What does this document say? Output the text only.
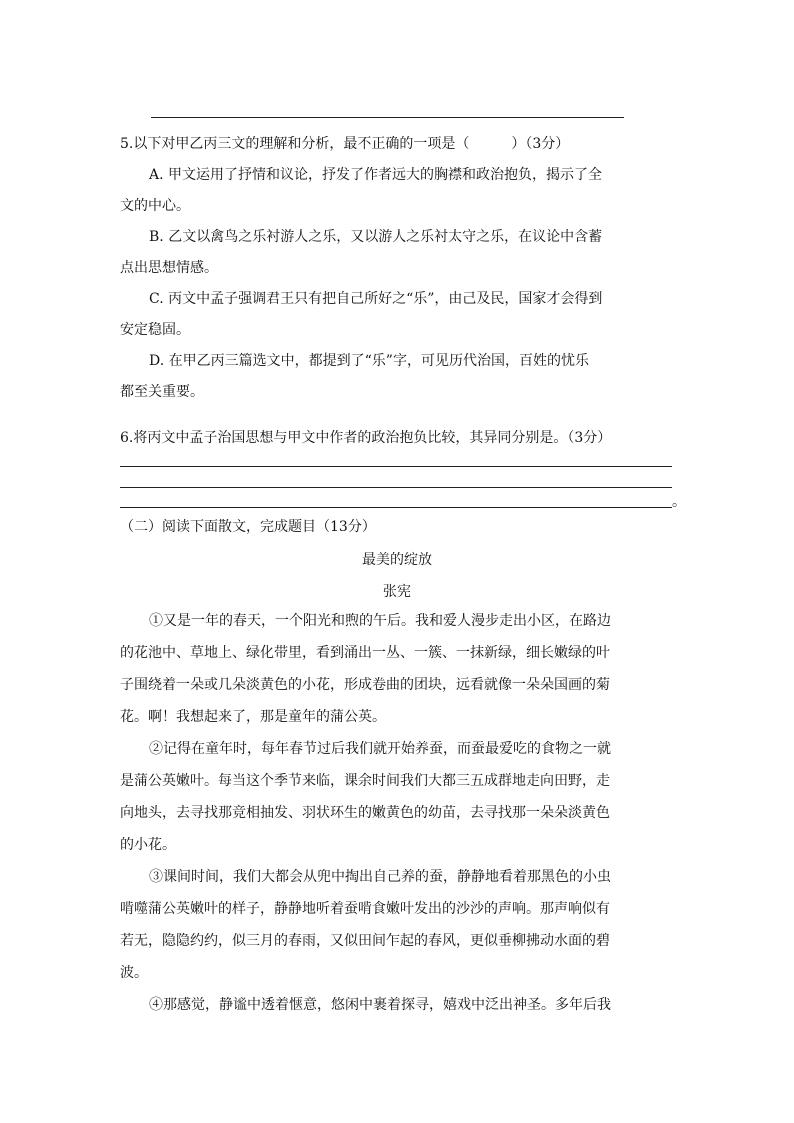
5.以下对甲乙丙三文的理解和分析，最不正确的一项是（　　　）（3分）
A. 甲文运用了抒情和议论，抒发了作者远大的胸襟和政治抱负，揭示了全
文的中心。
B. 乙文以禽鸟之乐衬游人之乐，又以游人之乐衬太守之乐，在议论中含蓄
点出思想情感。
C. 丙文中孟子强调君王只有把自己所好之“乐”，由己及民，国家才会得到
安定稳固。
D. 在甲乙丙三篇选文中，都提到了“乐”字，可见历代治国，百姓的忧乐
都至关重要。
6.将丙文中孟子治国思想与甲文中作者的政治抱负比较，其异同分别是。（3分）
。
（二）阅读下面散文，完成题目（13分）
最美的绽放
张宪
①又是一年的春天，一个阳光和煦的午后。我和爱人漫步走出小区，在路边
的花池中、草地上、绿化带里，看到涌出一丛、一簇、一抹新绿，细长嫩绿的叶
子围绕着一朵或几朵淡黄色的小花，形成卷曲的团块，远看就像一朵朵国画的菊
花。啊！我想起来了，那是童年的蒲公英。
②记得在童年时，每年春节过后我们就开始养蚕，而蚕最爱吃的食物之一就
是蒲公英嫩叶。每当这个季节来临，课余时间我们大都三五成群地走向田野，走
向地头，去寻找那竞相抽发、羽状环生的嫩黄色的幼苗，去寻找那一朵朵淡黄色
的小花。
③课间时间，我们大都会从兜中掏出自己养的蚕，静静地看着那黑色的小虫
啃噬蒲公英嫩叶的样子，静静地听着蚕啃食嫩叶发出的沙沙的声响。那声响似有
若无，隐隐约约，似三月的春雨，又似田间乍起的春风，更似垂柳拂动水面的碧
波。
④那感觉，静谧中透着惬意，悠闲中裹着探寻，嬉戏中泛出神圣。多年后我
